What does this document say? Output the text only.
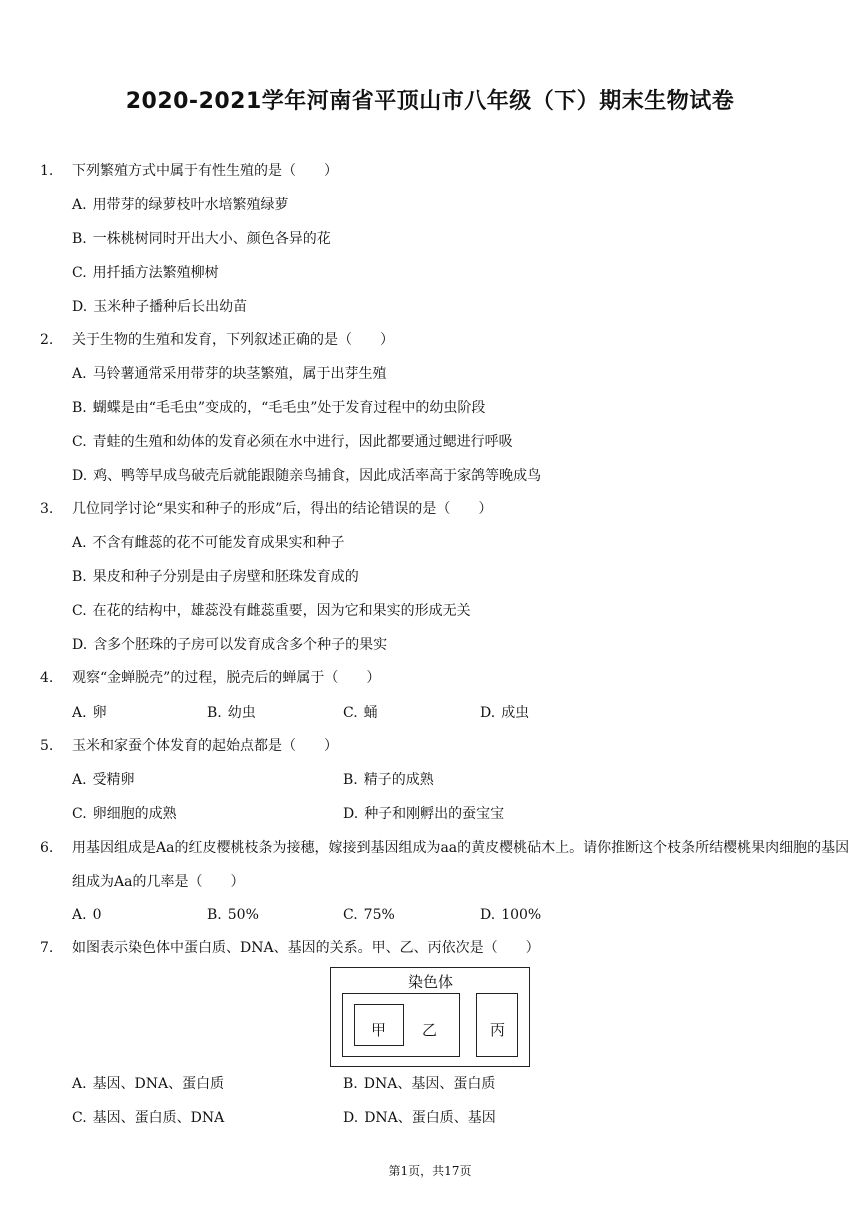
2020-2021学年河南省平顶山市八年级（下）期末生物试卷
1.	下列繁殖方式中属于有性生殖的是（　　）
A. 用带芽的绿萝枝叶水培繁殖绿萝
B. 一株桃树同时开出大小、颜色各异的花
C. 用扦插方法繁殖柳树
D. 玉米种子播种后长出幼苗
2.	关于生物的生殖和发育，下列叙述正确的是（　　）
A. 马铃薯通常采用带芽的块茎繁殖，属于出芽生殖
B. 蝴蝶是由“毛毛虫”变成的，“毛毛虫”处于发育过程中的幼虫阶段
C. 青蛙的生殖和幼体的发育必须在水中进行，因此都要通过鳃进行呼吸
D. 鸡、鸭等早成鸟破壳后就能跟随亲鸟捕食，因此成活率高于家鸽等晚成鸟
3.	几位同学讨论“果实和种子的形成”后，得出的结论错误的是（　　）
A. 不含有雌蕊的花不可能发育成果实和种子
B. 果皮和种子分别是由子房壁和胚珠发育成的
C. 在花的结构中，雄蕊没有雌蕊重要，因为它和果实的形成无关
D. 含多个胚珠的子房可以发育成含多个种子的果实
4.	观察“金蝉脱壳”的过程，脱壳后的蝉属于（　　）
A. 卵	B. 幼虫	C. 蛹	D. 成虫
5.	玉米和家蚕个体发育的起始点都是（　　）
A. 受精卵	B. 精子的成熟
C. 卵细胞的成熟	D. 种子和刚孵出的蚕宝宝
6.	用基因组成是Aa的红皮樱桃枝条为接穗，嫁接到基因组成为aa的黄皮樱桃砧木上。请你推断这个枝条所结樱桃果肉细胞的基因组成为Aa的几率是（　　）
A. 0	B. 50%	C. 75%	D. 100%
7.	如图表示染色体中蛋白质、DNA、基因的关系。甲、乙、丙依次是（　　）
染色体
甲 乙	丙
A. 基因、DNA、蛋白质	B. DNA、基因、蛋白质
C. 基因、蛋白质、DNA	D. DNA、蛋白质、基因
第1页，共17页
